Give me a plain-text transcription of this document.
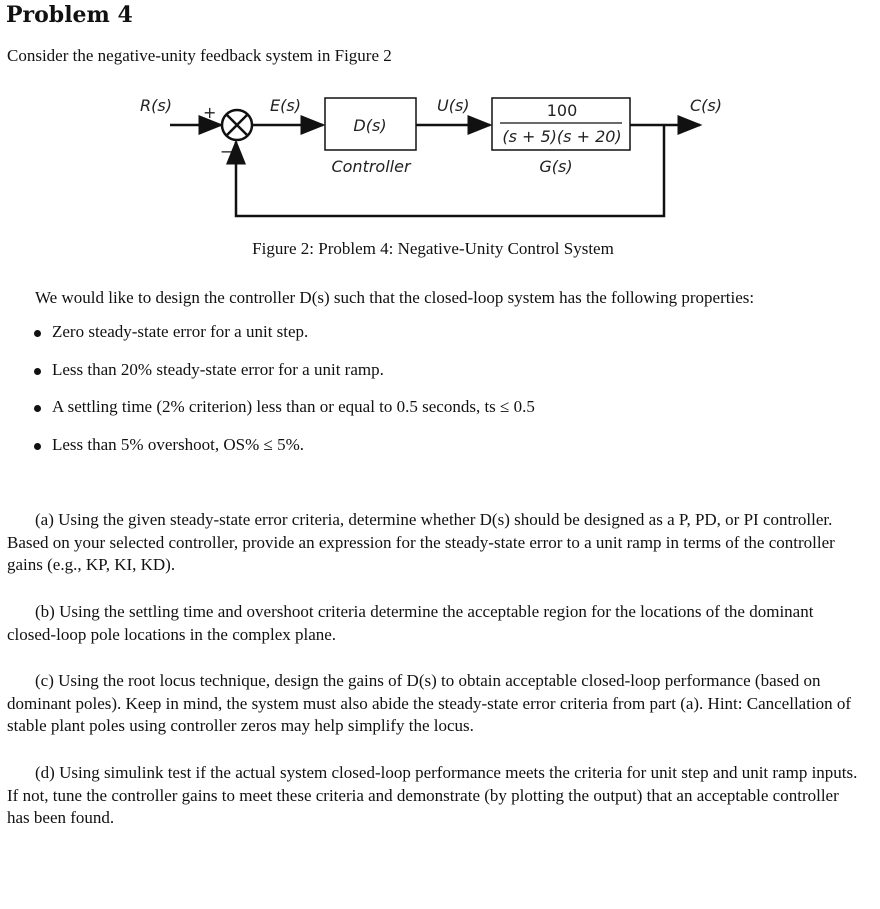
Problem 4
Consider the negative-unity feedback system in Figure 2
R(s) +
−
E(s)
D(s)
Controller
U(s)	100
(s + 5)(s + 20)
G(s)
C(s)
Figure 2: Problem 4: Negative-Unity Control System
We would like to design the controller D(s) such that the closed-loop system has the following properties:
Zero steady-state error for a unit step.
Less than 20% steady-state error for a unit ramp.
A settling time (2% criterion) less than or equal to 0.5 seconds, ts ≤ 0.5
Less than 5% overshoot, OS% ≤ 5%.
(a) Using the given steady-state error criteria, determine whether D(s) should be designed as a P, PD, or PI controller. Based on your selected controller, provide an expression for the steady-state error to a unit ramp in terms of the controller gains (e.g., KP, KI, KD).
(b) Using the settling time and overshoot criteria determine the acceptable region for the locations of the dominant closed-loop pole locations in the complex plane.
(c) Using the root locus technique, design the gains of D(s) to obtain acceptable closed-loop performance (based on dominant poles). Keep in mind, the system must also abide the steady-state error criteria from part (a). Hint: Cancellation of stable plant poles using controller zeros may help simplify the locus.
(d) Using simulink test if the actual system closed-loop performance meets the criteria for unit step and unit ramp inputs. If not, tune the controller gains to meet these criteria and demonstrate (by plotting the output) that an acceptable controller has been found.
